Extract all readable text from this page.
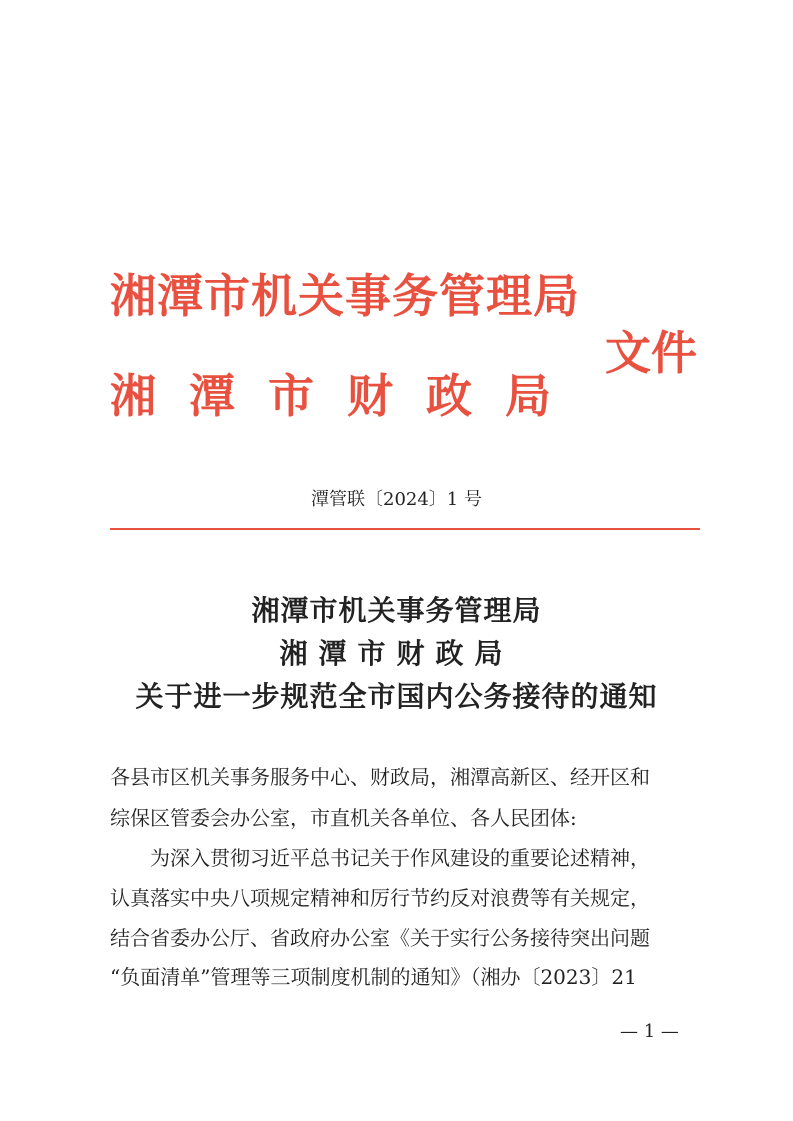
湘潭市机关事务管理局
湘潭市财政局
文件
潭管联〔2024〕1 号
湘潭市机关事务管理局
湘潭市财政局
关于进一步规范全市国内公务接待的通知
各县市区机关事务服务中心、财政局，湘潭高新区、经开区和
综保区管委会办公室，市直机关各单位、各人民团体:
为深入贯彻习近平总书记关于作风建设的重要论述精神，
认真落实中央八项规定精神和厉行节约反对浪费等有关规定，
结合省委办公厅、省政府办公室《关于实行公务接待突出问题
“负面清单”管理等三项制度机制的通知》（湘办〔2023〕21
— 1 —
